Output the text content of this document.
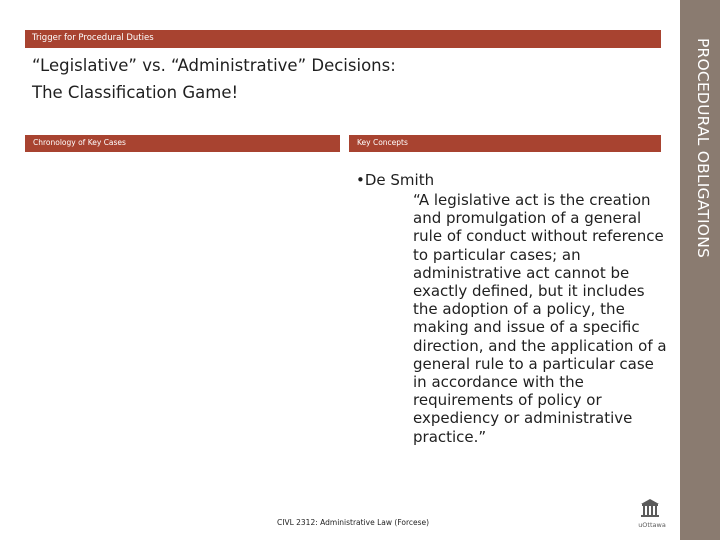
PROCEDURAL OBLIGATIONS
Trigger for Procedural Duties
“Legislative” vs. “Administrative” Decisions:
The Classification Game!
Chronology of Key Cases	Key Concepts
•De Smith
“A legislative act is the creation and promulgation of a general rule of conduct without reference to particular cases; an administrative act cannot be exactly defined, but it includes the adoption of a policy, the making and issue of a specific direction, and the application of a general rule to a particular case in accordance with the requirements of policy or expediency or administrative practice.”
CIVL 2312: Administrative Law (Forcese)	uOttawa
